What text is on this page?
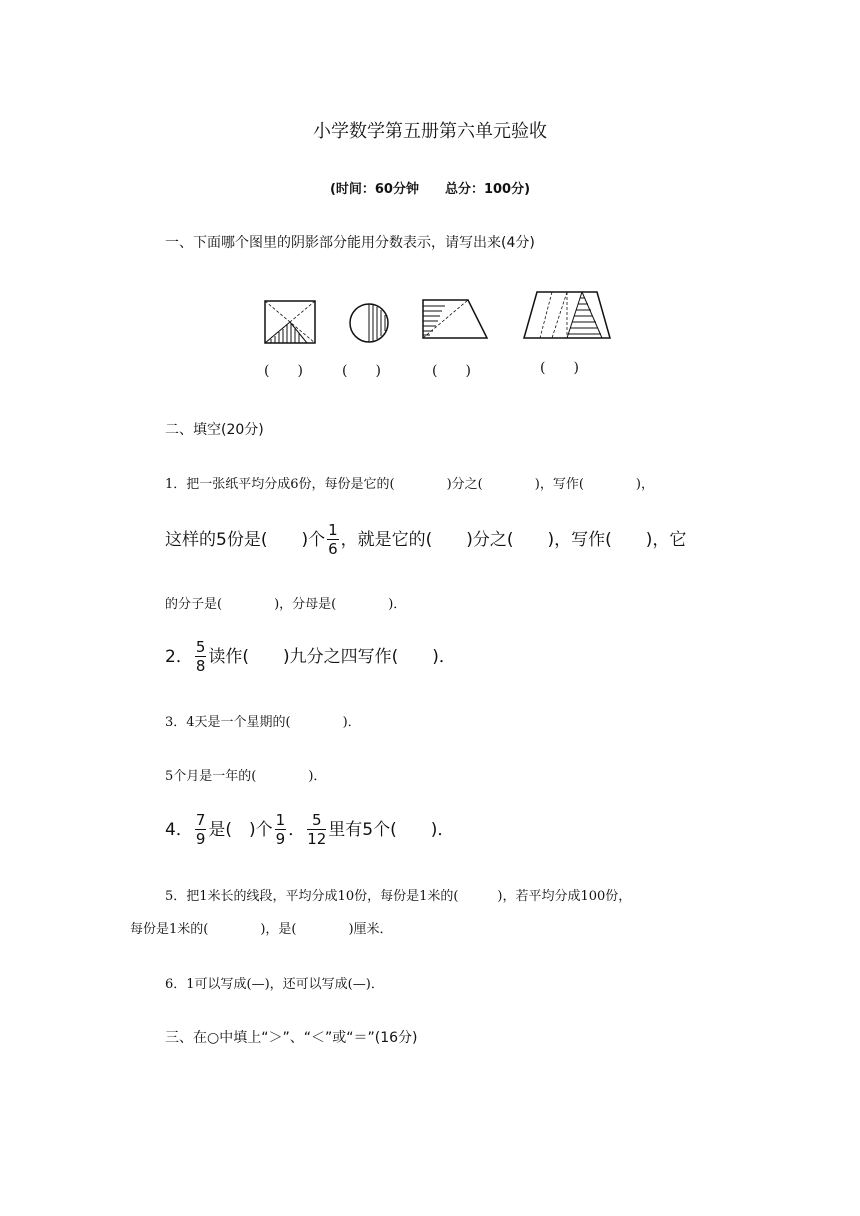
小学数学第五册第六单元验收
(时间：60分钟　　总分：100分)
一、下面哪个图里的阴影部分能用分数表示，请写出来(4分)
(　　)	(　　)	(　　)	(　　)
二、填空(20分)
1．把一张纸平均分成6份，每份是它的(　　　　)分之(　　　　)，写作(　　　　)，
这样的5份是(　　)个 $\frac{1}{6}$ ，就是它的(　　)分之(　　)，写作(　　)，它
的分子是(　　　　)，分母是(　　　　)．
2． $\frac{5}{8}$ 读作(　　)九分之四写作(　　)．
3．4天是一个星期的(　　　　)．
5个月是一年的(　　　　)．
4． $\frac{7}{9}$ 是(　)个 $\frac{1}{9}$ ． $\frac{5}{12}$ 里有5个(　　)．
5．把1米长的线段，平均分成10份，每份是1米的(　　　)，若平均分成100份，
每份是1米的(　　　　)，是(　　　　)厘米．
6．1可以写成(—)，还可以写成(—)．
三、在○中填上“＞”、“＜”或“＝”(16分)
